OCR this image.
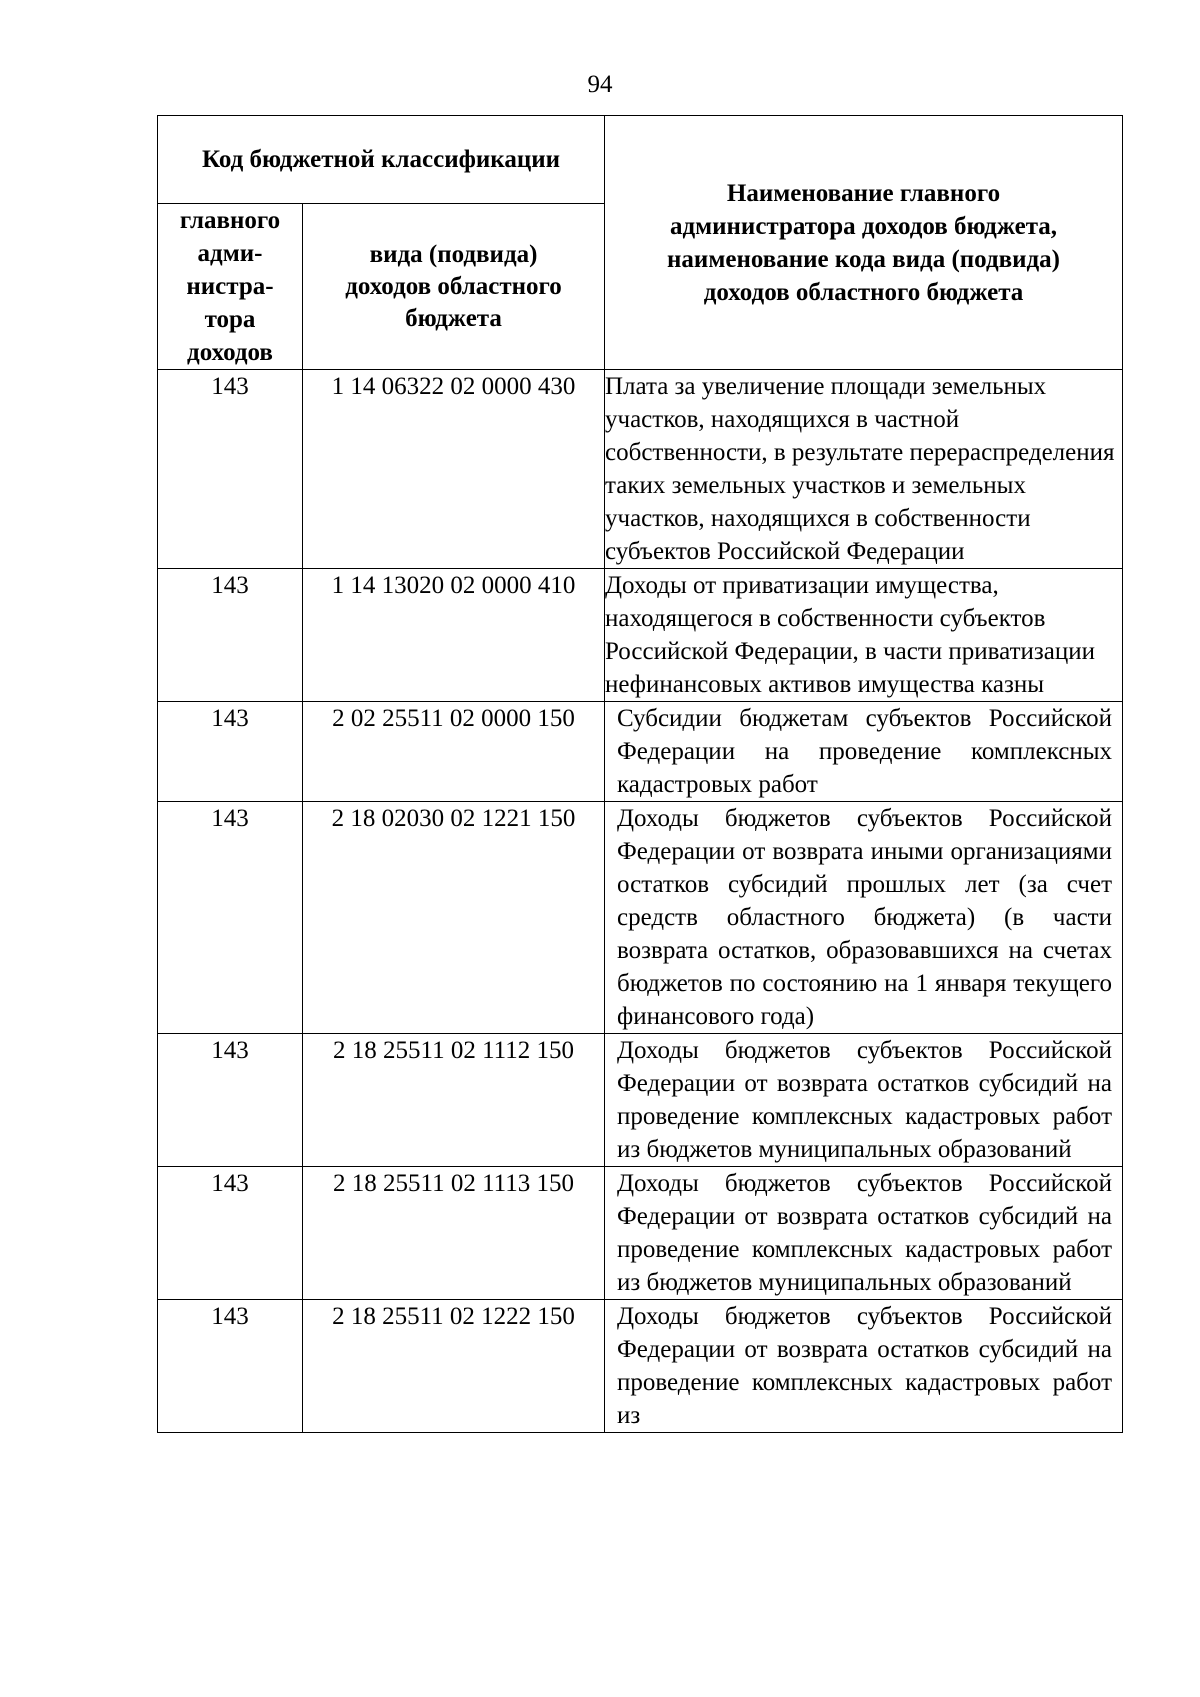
94
Код бюджетной классификации		Наименование главного
администратора доходов бюджета,
наименование кода вида (подвида)
доходов областного бюджета
главного
адми-
нистра-
тора
доходов	вида (подвида)
доходов областного
бюджета	
143	1 14 06322 02 0000 430	Плата за увеличение площади земельных участков, находящихся в частной собственности, в результате перераспределения таких земельных участков и земельных участков, находящихся в собственности субъектов Российской Федерации
143	1 14 13020 02 0000 410	Доходы от приватизации имущества, находящегося в собственности субъектов Российской Федерации, в части приватизации нефинансовых активов имущества казны
143	2 02 25511 02 0000 150	Субсидии бюджетам субъектов Российской Федерации на проведение комплексных кадастровых работ
143	2 18 02030 02 1221 150	Доходы бюджетов субъектов Российской Федерации от возврата иными организациями остатков субсидий прошлых лет (за счет средств областного бюджета) (в части возврата остатков, образовавшихся на счетах бюджетов по состоянию на 1 января текущего финансового года)
143	2 18 25511 02 1112 150	Доходы бюджетов субъектов Российской Федерации от возврата остатков субсидий на проведение комплексных кадастровых работ из бюджетов муниципальных образований
143	2 18 25511 02 1113 150	Доходы бюджетов субъектов Российской Федерации от возврата остатков субсидий на проведение комплексных кадастровых работ из бюджетов муниципальных образований
143	2 18 25511 02 1222 150	Доходы бюджетов субъектов Российской Федерации от возврата остатков субсидий на проведение комплексных кадастровых работ из
